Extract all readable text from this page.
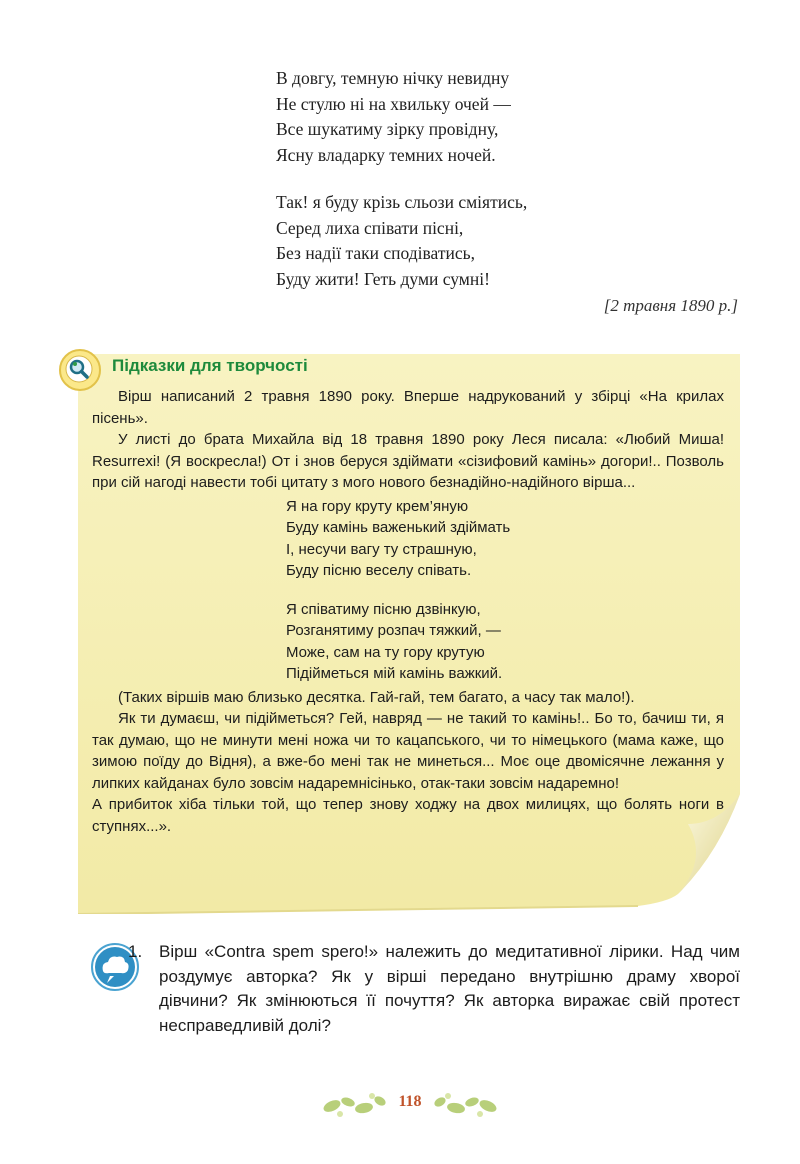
В довгу, темную нічку невидну
Не стулю ні на хвильку очей —
Все шукатиму зірку провідну,
Ясну владарку темних ночей.
Так! я буду крізь сльози сміятись,
Серед лиха співати пісні,
Без надії таки сподіватись,
Буду жити! Геть думи сумні!
[2 травня 1890 р.]
Підказки для творчості

Вірш написаний 2 травня 1890 року. Вперше надрукований у збірці «На крилах пісень».

У листі до брата Михайла від 18 травня 1890 року Леся писала: «Любий Миша! Resurrexi! (Я воскресла!) От і знов беруся здіймати «сізифовий камінь» догори!.. Позволь при сій нагоді навести тобі цитату з мого нового безнадійно-надійного вірша...

Я на гору круту крем’яную
Буду камінь важенький здіймать
І, несучи вагу ту страшную,
Буду пісню веселу співать.
Я співатиму пісню дзвінкую,
Розганятиму розпач тяжкий, —
Може, сам на ту гору крутую
Підійметься мій камінь важкий.

(Таких віршів маю близько десятка. Гай-гай, тем багато, а часу так мало!).

Як ти думаєш, чи підійметься? Гей, навряд — не такий то камінь!.. Бо то, бачиш ти, я так думаю, що не минути мені ножа чи то кацапського, чи то німецького (мама каже, що зимою поїду до Відня), а вже-бо мені так не минеться... Моє оце двомісячне лежання у липких кайданах було зовсім надаремнісінько, отак-таки зовсім надаремно!

А прибиток хіба тільки той, що тепер знову ходжу на двох милицях, що болять ноги в ступнях...».

1. Вірш «Contra spem spero!» належить до медитативної лірики. Над чим роздумує авторка? Як у вірші передано внутрішню драму хворої дівчини? Як змінюються її почуття? Як авторка виражає свій протест несправедливій долі?
118
